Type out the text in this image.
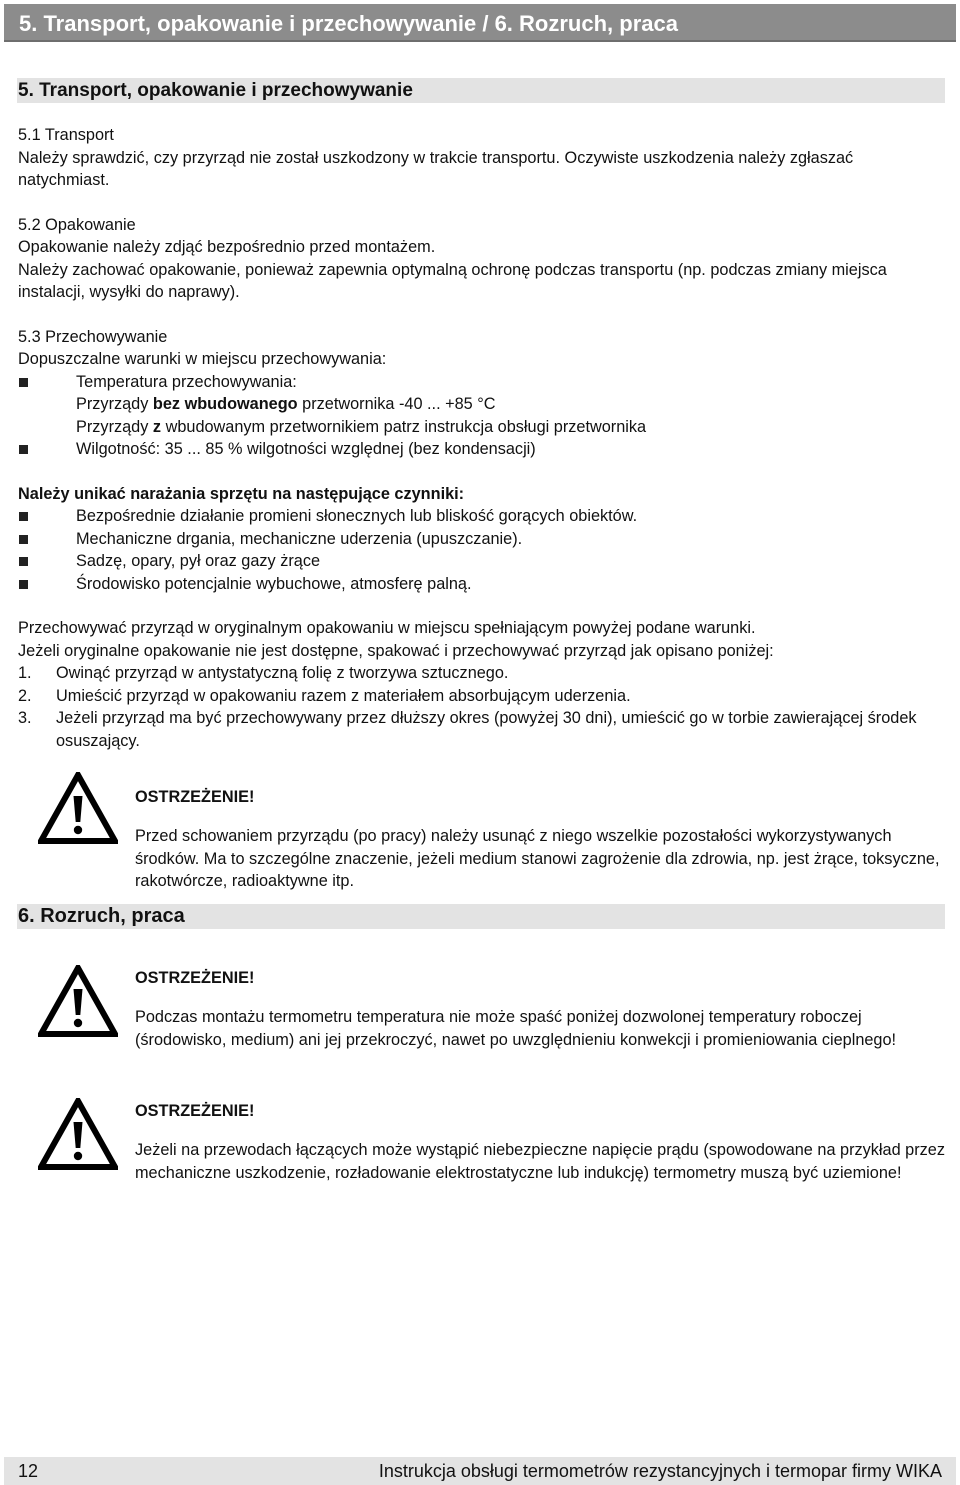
5. Transport, opakowanie i przechowywanie / 6. Rozruch, praca
5. Transport, opakowanie i przechowywanie

5.1 Transport

Należy sprawdzić, czy przyrząd nie został uszkodzony w trakcie transportu. Oczywiste uszkodzenia należy zgłaszać natychmiast.

5.2 Opakowanie

Opakowanie należy zdjąć bezpośrednio przed montażem.

Należy zachować opakowanie, ponieważ zapewnia optymalną ochronę podczas transportu (np. podczas zmiany miejsca instalacji, wysyłki do naprawy).

5.3 Przechowywanie

Dopuszczalne warunki w miejscu przechowywania:

Temperatura przechowywania:

Przyrządy bez wbudowanego przetwornika -40 ... +85 °C

Przyrządy z wbudowanym przetwornikiem patrz instrukcja obsługi przetwornika

Wilgotność: 35 ... 85 % wilgotności względnej (bez kondensacji)

Należy unikać narażania sprzętu na następujące czynniki:

Bezpośrednie działanie promieni słonecznych lub bliskość gorących obiektów.
Mechaniczne drgania, mechaniczne uderzenia (upuszczanie).
Sadzę, opary, pył oraz gazy żrące
Środowisko potencjalnie wybuchowe, atmosferę palną.

Przechowywać przyrząd w oryginalnym opakowaniu w miejscu spełniającym powyżej podane warunki.

Jeżeli oryginalne opakowanie nie jest dostępne, spakować i przechowywać przyrząd jak opisano poniżej:

1. Owinąć przyrząd w antystatyczną folię z tworzywa sztucznego.
2. Umieścić przyrząd w opakowaniu razem z materiałem absorbującym uderzenia.
3. Jeżeli przyrząd ma być przechowywany przez dłuższy okres (powyżej 30 dni), umieścić go w torbie zawierającej środek osuszający.

OSTRZEŻENIE!

Przed schowaniem przyrządu (po pracy) należy usunąć z niego wszelkie pozostałości wykorzystywanych środków. Ma to szczególne znaczenie, jeżeli medium stanowi zagrożenie dla zdrowia, np. jest żrące, toksyczne, rakotwórcze, radioaktywne itp.

6. Rozruch, praca

OSTRZEŻENIE!

Podczas montażu termometru temperatura nie może spaść poniżej dozwolonej temperatury roboczej (środowisko, medium) ani jej przekroczyć, nawet po uwzględnieniu konwekcji i promieniowania cieplnego!

OSTRZEŻENIE!

Jeżeli na przewodach łączących może wystąpić niebezpieczne napięcie prądu (spowodowane na przykład przez mechaniczne uszkodzenie, rozładowanie elektrostatyczne lub indukcję) termometry muszą być uziemione!

12	Instrukcja obsługi termometrów rezystancyjnych i termopar firmy WIKA
